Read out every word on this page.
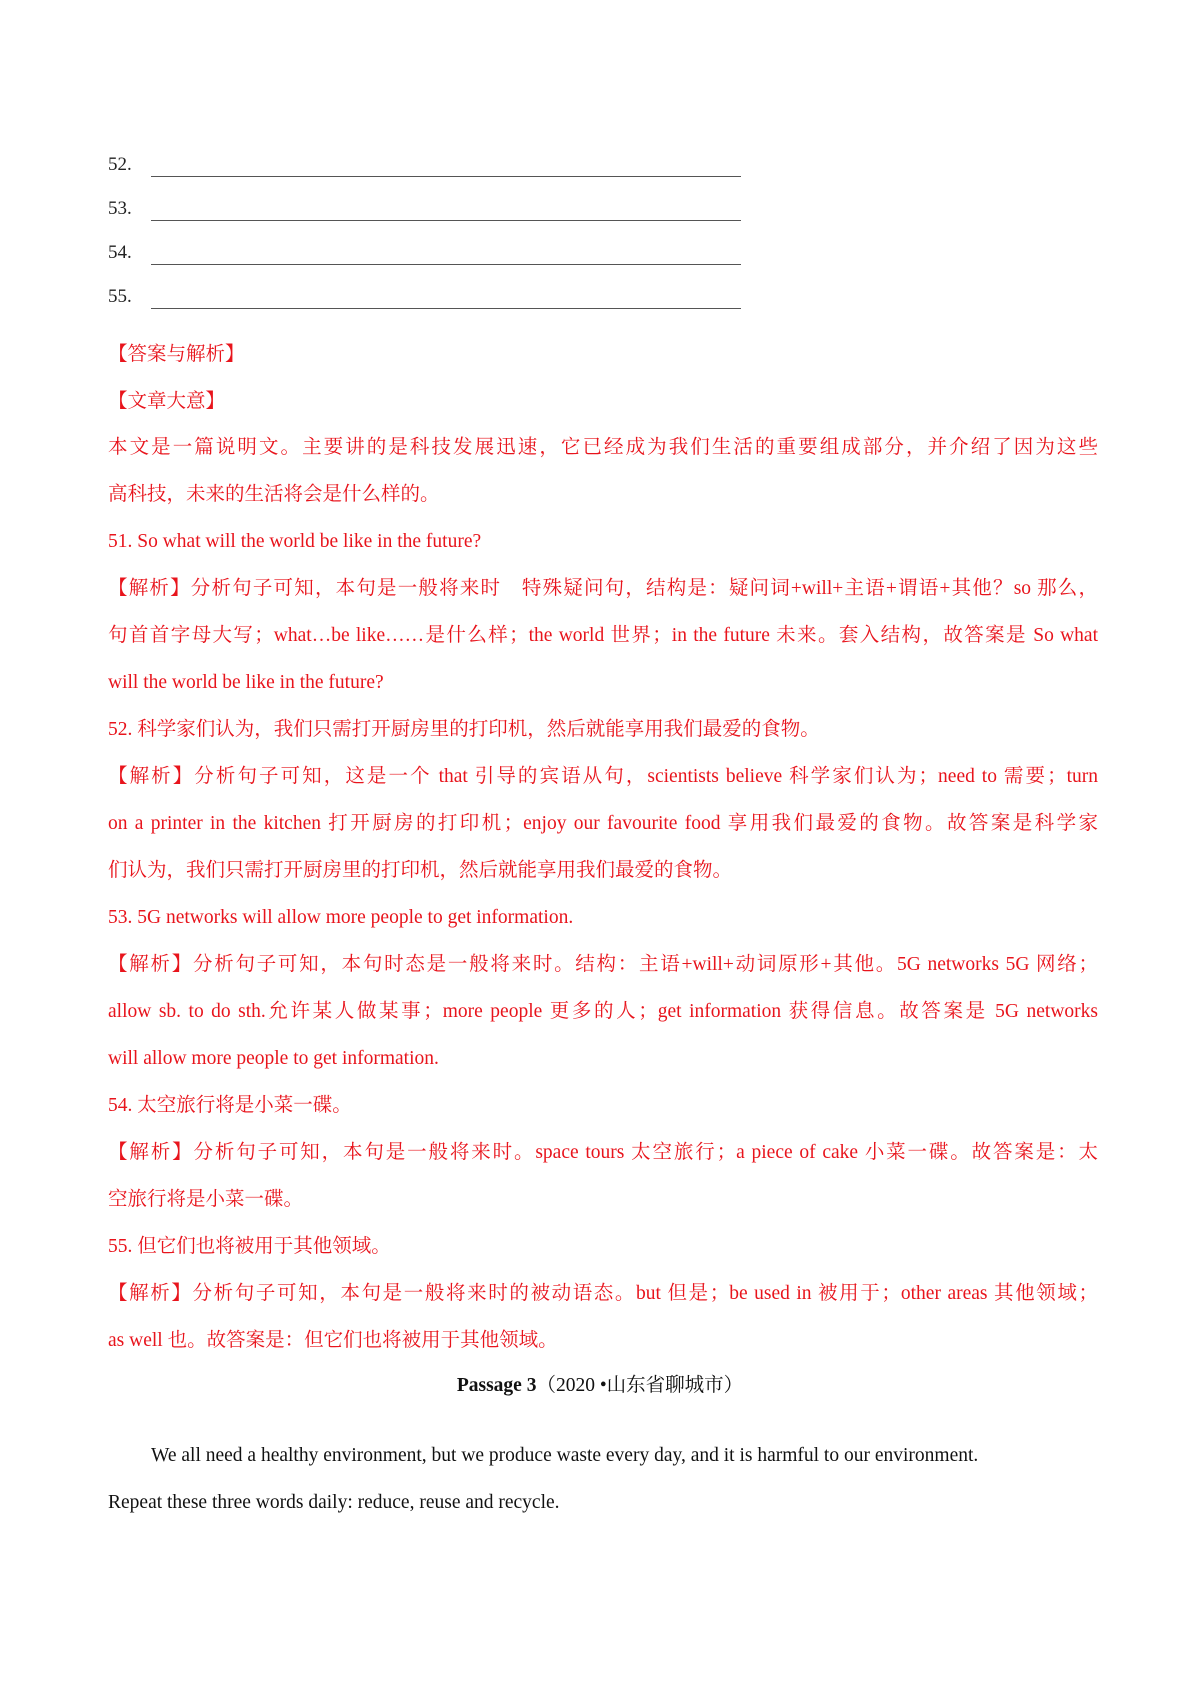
52.
53.
54.
55.
【答案与解析】
【文章大意】
本文是一篇说明文。主要讲的是科技发展迅速，它已经成为我们生活的重要组成部分，并介绍了因为这些
高科技，未来的生活将会是什么样的。
51. So what will the world be like in the future?
【解析】分析句子可知，本句是一般将来时　特殊疑问句，结构是：疑问词+will+主语+谓语+其他？so 那么，
句首首字母大写；what…be like……是什么样；the world 世界；in the future 未来。套入结构，故答案是 So what
will the world be like in the future?
52. 科学家们认为，我们只需打开厨房里的打印机，然后就能享用我们最爱的食物。
【解析】分析句子可知，这是一个 that 引导的宾语从句，scientists believe 科学家们认为；need to 需要；turn
on a printer in the kitchen 打开厨房的打印机；enjoy our favourite food 享用我们最爱的食物。故答案是科学家
们认为，我们只需打开厨房里的打印机，然后就能享用我们最爱的食物。
53. 5G networks will allow more people to get information.
【解析】分析句子可知，本句时态是一般将来时。结构：主语+will+动词原形+其他。5G networks 5G 网络；
allow sb. to do sth.允许某人做某事；more people 更多的人；get information 获得信息。故答案是 5G networks
will allow more people to get information.
54. 太空旅行将是小菜一碟。
【解析】分析句子可知，本句是一般将来时。space tours 太空旅行；a piece of cake 小菜一碟。故答案是：太
空旅行将是小菜一碟。
55. 但它们也将被用于其他领域。
【解析】分析句子可知，本句是一般将来时的被动语态。but 但是；be used in 被用于；other areas 其他领域；
as well 也。故答案是：但它们也将被用于其他领域。
Passage 3（2020 •山东省聊城市）
We all need a healthy environment, but we produce waste every day, and it is harmful to our environment.
Repeat these three words daily: reduce, reuse and recycle.
